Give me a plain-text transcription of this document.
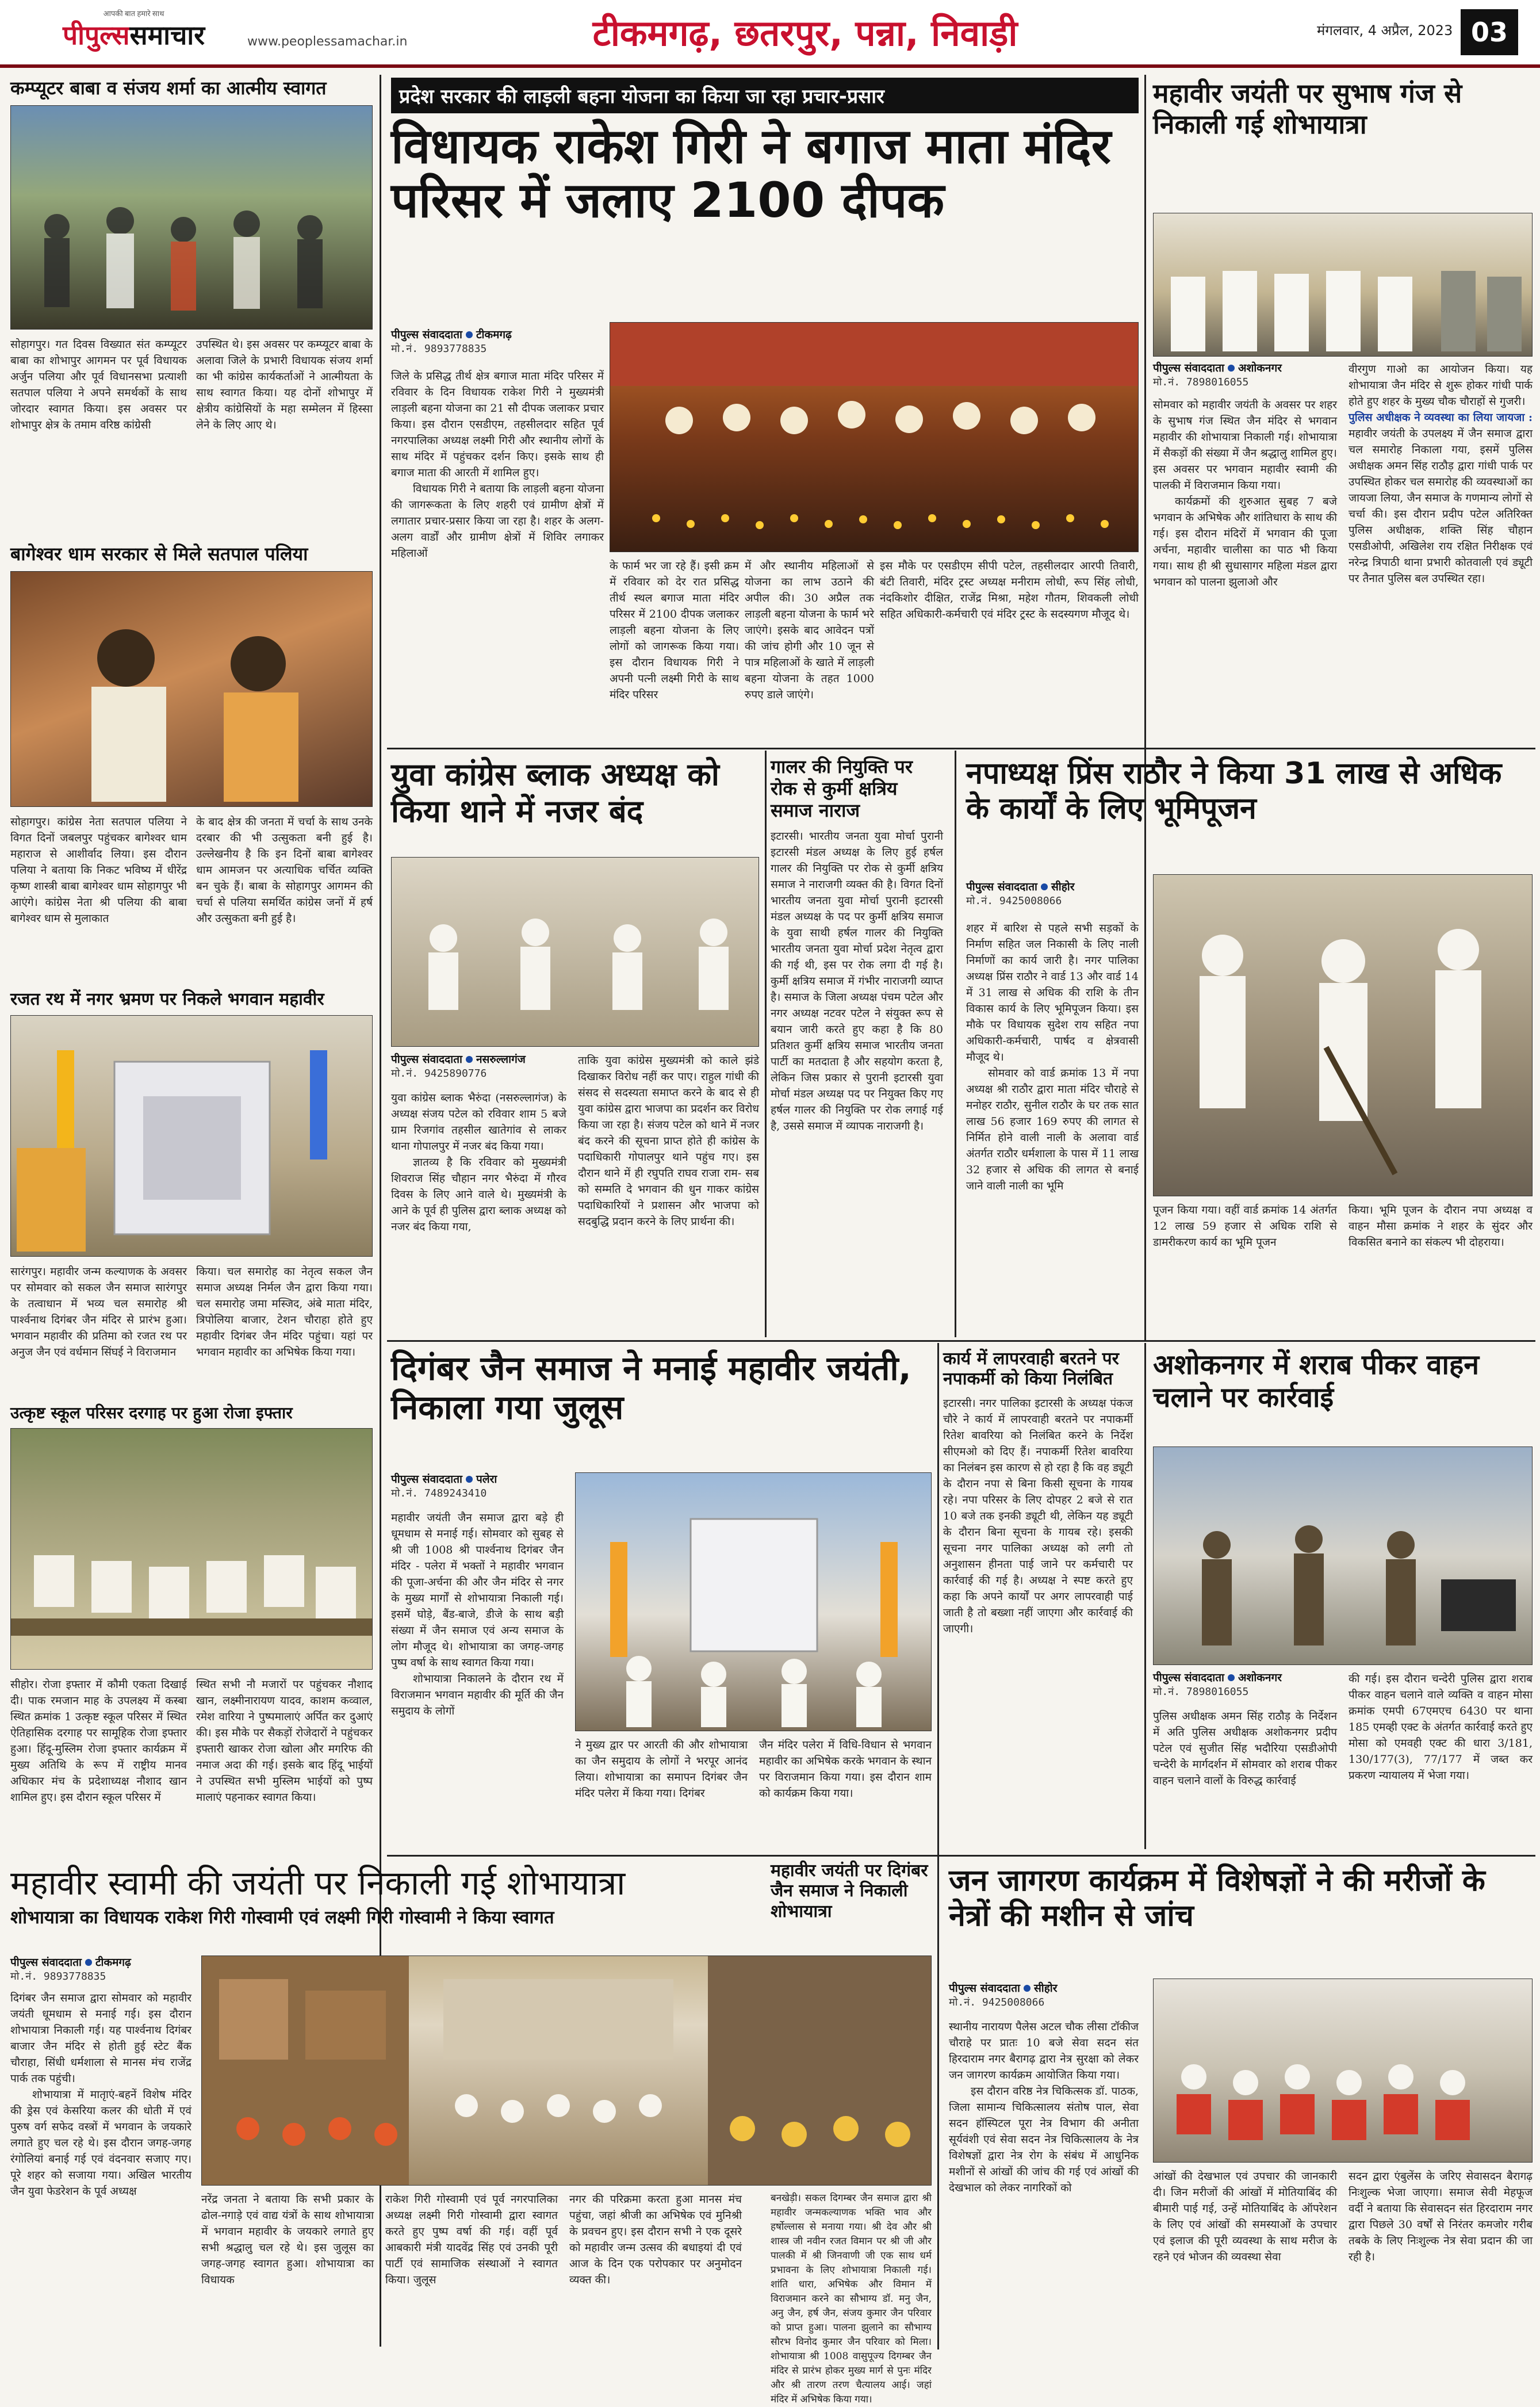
आपकी बात हमारे साथ
पीपुल्ससमाचार	www.peoplessamachar.in	टीकमगढ़, छतरपुर, पन्ना, निवाड़ी	मंगलवार, 4 अप्रैल, 2023 03
कम्प्यूटर बाबा व संजय शर्मा का आत्मीय स्वागत
सोहागपुर। गत दिवस विख्यात संत कम्प्यूटर बाबा का शोभापुर आगमन पर पूर्व विधायक अर्जुन पलिया और पूर्व विधानसभा प्रत्याशी सतपाल पलिया ने अपने समर्थकों के साथ जोरदार स्वागत किया। इस अवसर पर शोभापुर क्षेत्र के तमाम वरिष्ठ कांग्रेसी
उपस्थित थे। इस अवसर पर कम्प्यूटर बाबा के अलावा जिले के प्रभारी विधायक संजय शर्मा का भी कांग्रेस कार्यकर्ताओं ने आत्मीयता के साथ स्वागत किया। यह दोनों शोभापुर में क्षेत्रीय कांग्रेसियों के महा सम्मेलन में हिस्सा लेने के लिए आए थे।
बागेश्वर धाम सरकार से मिले सतपाल पलिया
सोहागपुर। कांग्रेस नेता सतपाल पलिया ने विगत दिनों जबलपुर पहुंचकर बागेश्वर धाम महाराज से आशीर्वाद लिया। इस दौरान पलिया ने बताया कि निकट भविष्य में धीरेंद्र कृष्ण शास्त्री बाबा बागेश्वर धाम सोहागपुर भी आएंगे। कांग्रेस नेता श्री पलिया की बाबा बागेश्वर धाम से मुलाकात
के बाद क्षेत्र की जनता में चर्चा के साथ उनके दरबार की भी उत्सुकता बनी हुई है। उल्लेखनीय है कि इन दिनों बाबा बागेश्वर धाम आमजन पर अत्याधिक चर्चित व्यक्ति बन चुके हैं। बाबा के सोहागपुर आगमन की चर्चा से पलिया समर्थित कांग्रेस जनों में हर्ष और उत्सुकता बनी हुई है।
रजत रथ में नगर भ्रमण पर निकले भगवान महावीर
सारंगपुर। महावीर जन्म कल्याणक के अवसर पर सोमवार को सकल जैन समाज सारंगपुर के तत्वाधान में भव्य चल समारोह श्री पार्श्वनाथ दिगंबर जैन मंदिर से प्रारंभ हुआ। भगवान महावीर की प्रतिमा को रजत रथ पर अनुज जैन एवं वर्धमान सिंघई ने विराजमान
किया। चल समारोह का नेतृत्व सकल जैन समाज अध्यक्ष निर्मल जैन द्वारा किया गया। चल समारोह जमा मस्जिद, अंबे माता मंदिर, त्रिपोलिया बाजार, टेशन चौराहा होते हुए महावीर दिगंबर जैन मंदिर पहुंचा। यहां पर भगवान महावीर का अभिषेक किया गया।
उत्कृष्ट स्कूल परिसर दरगाह पर हुआ रोजा इफ्तार
सीहोर। रोजा इफ्तार में कौमी एकता दिखाई दी। पाक रमजान माह के उपलक्ष्य में कस्बा स्थित क्रमांक 1 उत्कृष्ट स्कूल परिसर में स्थित ऐतिहासिक दरगाह पर सामूहिक रोजा इफ्तार हुआ। हिंदू-मुस्लिम रोजा इफ्तार कार्यक्रम में मुख्य अतिथि के रूप में राष्ट्रीय मानव अधिकार मंच के प्रदेशाध्यक्ष नौशाद खान शामिल हुए। इस दौरान स्कूल परिसर में
स्थित सभी नौ मजारों पर पहुंचकर नौशाद खान, लक्ष्मीनारायण यादव, काशम कव्वाल, रमेश वारिया ने पुष्पमालाएं अर्पित कर दुआएं की। इस मौके पर सैकड़ों रोजेदारों ने पहुंचकर इफ्तारी खाकर रोजा खोला और मगरिफ की नमाज अदा की गई। इसके बाद हिंदू भाईयों ने उपस्थित सभी मुस्लिम भाईयों को पुष्प मालाएं पहनाकर स्वागत किया।
प्रदेश सरकार की लाड़ली बहना योजना का किया जा रहा प्रचार-प्रसार
विधायक राकेश गिरी ने बगाज माता मंदिर परिसर में जलाए 2100 दीपक
पीपुल्स संवाददाता टीकमगढ़
मो.नं. 9893778835

जिले के प्रसिद्ध तीर्थ क्षेत्र बगाज माता मंदिर परिसर में रविवार के दिन विधायक राकेश गिरी ने मुख्यमंत्री लाड़ली बहना योजना का 21 सौ दीपक जलाकर प्रचार किया। इस दौरान एसडीएम, तहसीलदार सहित पूर्व नगरपालिका अध्यक्ष लक्ष्मी गिरी और स्थानीय लोगों के साथ मंदिर में पहुंचकर दर्शन किए। इसके साथ ही बगाज माता की आरती में शामिल हुए।

विधायक गिरी ने बताया कि लाड़ली बहना योजना की जागरूकता के लिए शहरी एवं ग्रामीण क्षेत्रों में लगातार प्रचार-प्रसार किया जा रहा है। शहर के अलग-अलग वार्डों और ग्रामीण क्षेत्रों में शिविर लगाकर महिलाओं

के फार्म भर जा रहे हैं। इसी क्रम में रविवार को देर रात प्रसिद्ध तीर्थ स्थल बगाज माता मंदिर परिसर में 2100 दीपक जलाकर लाड़ली बहना योजना के लिए लोगों को जागरूक किया गया। इस दौरान विधायक गिरी ने अपनी पत्नी लक्ष्मी गिरी के साथ मंदिर परिसर
में और स्थानीय महिलाओं से योजना का लाभ उठाने की अपील की। 30 अप्रैल तक लाड़ली बहना योजना के फार्म भरे जाएंगे। इसके बाद आवेदन पत्रों की जांच होगी और 10 जून से पात्र महिलाओं के खाते में लाड़ली बहना योजना के तहत 1000 रुपए डाले जाएंगे।
इस मौके पर एसडीएम सीपी पटेल, तहसीलदार आरपी तिवारी, बंटी तिवारी, मंदिर ट्रस्ट अध्यक्ष मनीराम लोधी, रूप सिंह लोधी, नंदकिशोर दीक्षित, राजेंद्र मिश्रा, महेश गौतम, शिवकली लोधी सहित अधिकारी-कर्मचारी एवं मंदिर ट्रस्ट के सदस्यगण मौजूद थे।
महावीर जयंती पर सुभाष गंज से निकाली गई शोभायात्रा
पीपुल्स संवाददाता अशोकनगर
मो.नं. 7898016055

सोमवार को महावीर जयंती के अवसर पर शहर के सुभाष गंज स्थित जैन मंदिर से भगवान महावीर की शोभायात्रा निकाली गई। शोभायात्रा में सैकड़ों की संख्या में जैन श्रद्धालु शामिल हुए। इस अवसर पर भगवान महावीर स्वामी की पालकी में विराजमान किया गया।

कार्यक्रमों की शुरुआत सुबह 7 बजे भगवान के अभिषेक और शांतिधारा के साथ की गई। इस दौरान मंदिरों में भगवान की पूजा अर्चना, महावीर चालीसा का पाठ भी किया गया। साथ ही श्री सुधासागर महिला मंडल द्वारा भगवान को पालना झुलाओ और

वीरगुण गाओ का आयोजन किया। यह शोभायात्रा जैन मंदिर से शुरू होकर गांधी पार्क होते हुए शहर के मुख्य चौक चौराहों से गुजरी।

पुलिस अधीक्षक ने व्यवस्था का लिया जायजा : महावीर जयंती के उपलक्ष्य में जैन समाज द्वारा चल समारोह निकाला गया, इसमें पुलिस अधीक्षक अमन सिंह राठौड़ द्वारा गांधी पार्क पर उपस्थित होकर चल समारोह की व्यवस्थाओं का जायजा लिया, जैन समाज के गणमान्य लोगों से चर्चा की। इस दौरान प्रदीप पटेल अतिरिक्त पुलिस अधीक्षक, शक्ति सिंह चौहान एसडीओपी, अखिलेश राय रक्षित निरीक्षक एवं नरेन्द्र त्रिपाठी थाना प्रभारी कोतवाली एवं ड्यूटी पर तैनात पुलिस बल उपस्थित रहा।

युवा कांग्रेस ब्लाक अध्यक्ष को किया थाने में नजर बंद
पीपुल्स संवाददाता नसरुल्लागंज
मो.नं. 9425890776

युवा कांग्रेस ब्लाक भैरुंदा (नसरुल्लागंज) के अध्यक्ष संजय पटेल को रविवार शाम 5 बजे ग्राम रिजगांव तहसील खातेगांव से लाकर थाना गोपालपुर में नजर बंद किया गया।

ज्ञातव्य है कि रविवार को मुख्यमंत्री शिवराज सिंह चौहान नगर भैरुंदा में गौरव दिवस के लिए आने वाले थे। मुख्यमंत्री के आने के पूर्व ही पुलिस द्वारा ब्लाक अध्यक्ष को नजर बंद किया गया,

ताकि युवा कांग्रेस मुख्यमंत्री को काले झंडे दिखाकर विरोध नहीं कर पाए। राहुल गांधी की संसद से सदस्यता समाप्त करने के बाद से ही युवा कांग्रेस द्वारा भाजपा का प्रदर्शन कर विरोध किया जा रहा है। संजय पटेल को थाने में नजर बंद करने की सूचना प्राप्त होते ही कांग्रेस के पदाधिकारी गोपालपुर थाने पहुंच गए। इस दौरान थाने में ही रघुपति राघव राजा राम- सब को सम्मति दे भगवान की धुन गाकर कांग्रेस पदाधिकारियों ने प्रशासन और भाजपा को सदबुद्धि प्रदान करने के लिए प्रार्थना की।
गालर की नियुक्ति पर रोक से कुर्मी क्षत्रिय समाज नाराज
इटारसी। भारतीय जनता युवा मोर्चा पुरानी इटारसी मंडल अध्यक्ष के लिए हुई हर्षल गालर की नियुक्ति पर रोक से कुर्मी क्षत्रिय समाज ने नाराजगी व्यक्त की है। विगत दिनों भारतीय जनता युवा मोर्चा पुरानी इटारसी मंडल अध्यक्ष के पद पर कुर्मी क्षत्रिय समाज के युवा साथी हर्षल गालर की नियुक्ति भारतीय जनता युवा मोर्चा प्रदेश नेतृत्व द्वारा की गई थी, इस पर रोक लगा दी गई है। कुर्मी क्षत्रिय समाज में गंभीर नाराजगी व्याप्त है। समाज के जिला अध्यक्ष पंचम पटेल और नगर अध्यक्ष नटवर पटेल ने संयुक्त रूप से बयान जारी करते हुए कहा है कि 80 प्रतिशत कुर्मी क्षत्रिय समाज भारतीय जनता पार्टी का मतदाता है और सहयोग करता है, लेकिन जिस प्रकार से पुरानी इटारसी युवा मोर्चा मंडल अध्यक्ष पद पर नियुक्त किए गए हर्षल गालर की नियुक्ति पर रोक लगाई गई है, उससे समाज में व्यापक नाराजगी है।
नपाध्यक्ष प्रिंस राठौर ने किया 31 लाख से अधिक के कार्यों के लिए भूमिपूजन
पीपुल्स संवाददाता सीहोर
मो.नं. 9425008066

शहर में बारिश से पहले सभी सड़कों के निर्माण सहित जल निकासी के लिए नाली निर्माणों का कार्य जारी है। नगर पालिका अध्यक्ष प्रिंस राठौर ने वार्ड 13 और वार्ड 14 में 31 लाख से अधिक की राशि के तीन विकास कार्य के लिए भूमिपूजन किया। इस मौके पर विधायक सुदेश राय सहित नपा अधिकारी-कर्मचारी, पार्षद व क्षेत्रवासी मौजूद थे।

सोमवार को वार्ड क्रमांक 13 में नपा अध्यक्ष श्री राठौर द्वारा माता मंदिर चौराहे से मनोहर राठौर, सुनील राठौर के घर तक सात लाख 56 हजार 169 रुपए की लागत से निर्मित होने वाली नाली के अलावा वार्ड अंतर्गत राठौर धर्मशाला के पास में 11 लाख 32 हजार से अधिक की लागत से बनाई जाने वाली नाली का भूमि

पूजन किया गया। वहीं वार्ड क्रमांक 14 अंतर्गत 12 लाख 59 हजार से अधिक राशि से डामरीकरण कार्य का भूमि पूजन
किया। भूमि पूजन के दौरान नपा अध्यक्ष व वाहन मौसा क्रमांक ने शहर के सुंदर और विकसित बनाने का संकल्प भी दोहराया।
दिगंबर जैन समाज ने मनाई महावीर जयंती, निकाला गया जुलूस
पीपुल्स संवाददाता पलेरा
मो.नं. 7489243410

महावीर जयंती जैन समाज द्वारा बड़े ही धूमधाम से मनाई गई। सोमवार को सुबह से श्री जी 1008 श्री पार्श्वनाथ दिगंबर जैन मंदिर - पलेरा में भक्तों ने महावीर भगवान की पूजा-अर्चना की और जैन मंदिर से नगर के मुख्य मार्गों से शोभायात्रा निकाली गई। इसमें घोड़े, बैंड-बाजे, डीजे के साथ बड़ी संख्या में जैन समाज एवं अन्य समाज के लोग मौजूद थे। शोभायात्रा का जगह-जगह पुष्प वर्षा के साथ स्वागत किया गया।

शोभायात्रा निकालने के दौरान रथ में विराजमान भगवान महावीर की मूर्ति की जैन समुदाय के लोगों

ने मुख्य द्वार पर आरती की और शोभायात्रा का जैन समुदाय के लोगों ने भरपूर आनंद लिया। शोभायात्रा का समापन दिगंबर जैन मंदिर पलेरा में किया गया। दिगंबर
जैन मंदिर पलेरा में विधि-विधान से भगवान महावीर का अभिषेक करके भगवान के स्थान पर विराजमान किया गया। इस दौरान शाम को कार्यक्रम किया गया।
कार्य में लापरवाही बरतने पर नपाकर्मी को किया निलंबित
इटारसी। नगर पालिका इटारसी के अध्यक्ष पंकज चौरे ने कार्य में लापरवाही बरतने पर नपाकर्मी रितेश बावरिया को निलंबित करने के निर्देश सीएमओ को दिए हैं। नपाकर्मी रितेश बावरिया का निलंबन इस कारण से हो रहा है कि वह ड्यूटी के दौरान नपा से बिना किसी सूचना के गायब रहे। नपा परिसर के लिए दोपहर 2 बजे से रात 10 बजे तक इनकी ड्यूटी थी, लेकिन यह ड्यूटी के दौरान बिना सूचना के गायब रहे। इसकी सूचना नगर पालिका अध्यक्ष को लगी तो अनुशासन हीनता पाई जाने पर कर्मचारी पर कार्रवाई की गई है। अध्यक्ष ने स्पष्ट करते हुए कहा कि अपने कार्यों पर अगर लापरवाही पाई जाती है तो बख्शा नहीं जाएगा और कार्रवाई की जाएगी।
अशोकनगर में शराब पीकर वाहन चलाने पर कार्रवाई
पीपुल्स संवाददाता अशोकनगर
मो.नं. 7898016055
पुलिस अधीक्षक अमन सिंह राठौड़ के निर्देशन में अति पुलिस अधीक्षक अशोकनगर प्रदीप पटेल एवं सुजीत सिंह भदौरिया एसडीओपी चन्देरी के मार्गदर्शन में सोमवार को शराब पीकर वाहन चलाने वालों के विरुद्ध कार्रवाई
की गई। इस दौरान चन्देरी पुलिस द्वारा शराब पीकर वाहन चलाने वाले व्यक्ति व वाहन मोसा क्रमांक एमपी 67एमएच 6430 पर थाना 185 एमव्ही एक्ट के अंतर्गत कार्रवाई करते हुए मोसा को एमवही एक्ट की धारा 3/181, 130/177(3), 77/177 में जब्त कर प्रकरण न्यायालय में भेजा गया।
महावीर स्वामी की जयंती पर निकाली गई शोभायात्रा
शोभायात्रा का विधायक राकेश गिरी गोस्वामी एवं लक्ष्मी गिरी गोस्वामी ने किया स्वागत
पीपुल्स संवाददाता टीकमगढ़
मो.नं. 9893778835

दिगंबर जैन समाज द्वारा सोमवार को महावीर जयंती धूमधाम से मनाई गई। इस दौरान शोभायात्रा निकाली गई। यह पार्श्वनाथ दिगंबर बाजार जैन मंदिर से होती हुई स्टेट बैंक चौराहा, सिंधी धर्मशाला से मानस मंच राजेंद्र पार्क तक पहुंची।

शोभायात्रा में मातृाएं-बहनें विशेष मंदिर की ड्रेस एवं केसरिया कलर की धोती में एवं पुरुष वर्ग सफेद वस्त्रों में भगवान के जयकारे लगाते हुए चल रहे थे। इस दौरान जगह-जगह रंगोलियां बनाई गई एवं वंदनवार सजाए गए। पूरे शहर को सजाया गया। अखिल भारतीय जैन युवा फेडरेशन के पूर्व अध्यक्ष

नरेंद्र जनता ने बताया कि सभी प्रकार के ढोल-नगाड़े एवं वाद्य यंत्रों के साथ शोभायात्रा में भगवान महावीर के जयकारे लगाते हुए सभी श्रद्धालु चल रहे थे। इस जुलूस का जगह-जगह स्वागत हुआ। शोभायात्रा का विधायक
राकेश गिरी गोस्वामी एवं पूर्व नगरपालिका अध्यक्ष लक्ष्मी गिरी गोस्वामी द्वारा स्वागत करते हुए पुष्प वर्षा की गई। वहीं पूर्व आबकारी मंत्री यादवेंद्र सिंह एवं उनकी पूरी पार्टी एवं सामाजिक संस्थाओं ने स्वागत किया। जुलूस
नगर की परिक्रमा करता हुआ मानस मंच पहुंचा, जहां श्रीजी का अभिषेक एवं मुनिश्री के प्रवचन हुए। इस दौरान सभी ने एक दूसरे को महावीर जन्म उत्सव की बधाइयां दी एवं आज के दिन एक परोपकार पर अनुमोदन व्यक्त की।
महावीर जयंती पर दिगंबर जैन समाज ने निकाली शोभायात्रा
बनखेड़ी। सकल दिगम्बर जैन समाज द्वारा श्री महावीर जन्मकल्याणक भक्ति भाव और हर्षोल्लास से मनाया गया। श्री देव और श्री शास्त्र जी नवीन रजत विमान पर श्री जी और पालकी में श्री जिनवाणी जी एक साथ धर्म प्रभावना के लिए शोभायात्रा निकाली गई। शांति धारा, अभिषेक और विमान में विराजमान करने का सौभाग्य डॉ. मनु जैन, अनु जैन, हर्ष जैन, संजय कुमार जैन परिवार को प्राप्त हुआ। पालना झुलाने का सौभाग्य सौरभ विनोद कुमार जैन परिवार को मिला। शोभायात्रा श्री 1008 वासुपूज्य दिगम्बर जैन मंदिर से प्रारंभ होकर मुख्य मार्ग से पुनः मंदिर और श्री तारण तरण चैत्यालय आई। जहां मंदिर में अभिषेक किया गया।
जन जागरण कार्यक्रम में विशेषज्ञों ने की मरीजों के नेत्रों की मशीन से जांच
पीपुल्स संवाददाता सीहोर
मो.नं. 9425008066

स्थानीय नारायण पैलेस अटल चौक लीसा टॉकीज चौराहे पर प्रातः 10 बजे सेवा सदन संत हिरदाराम नगर बैरागढ़ द्वारा नेत्र सुरक्षा को लेकर जन जागरण कार्यक्रम आयोजित किया गया।

इस दौरान वरिष्ठ नेत्र चिकित्सक डॉ. पाठक, जिला सामान्य चिकित्सालय संतोष पाल, सेवा सदन हॉस्पिटल पूरा नेत्र विभाग की अनीता सूर्यवंशी एवं सेवा सदन नेत्र चिकित्सालय के नेत्र विशेषज्ञों द्वारा नेत्र रोग के संबंध में आधुनिक मशीनों से आंखों की जांच की गई एवं आंखों की देखभाल को लेकर नागरिकों को

आंखों की देखभाल एवं उपचार की जानकारी दी। जिन मरीजों की आंखों में मोतियाबिंद की बीमारी पाई गई, उन्हें मोतियाबिंद के ऑपरेशन के लिए एवं आंखों की समस्याओं के उपचार एवं इलाज की पूरी व्यवस्था के साथ मरीज के रहने एवं भोजन की व्यवस्था सेवा
सदन द्वारा एंबुलेंस के जरिए सेवासदन बैरागढ़ निःशुल्क भेजा जाएगा। समाज सेवी मेहफूज वर्दी ने बताया कि सेवासदन संत हिरदाराम नगर द्वारा पिछले 30 वर्षों से निरंतर कमजोर गरीब तबके के लिए निःशुल्क नेत्र सेवा प्रदान की जा रही है।
